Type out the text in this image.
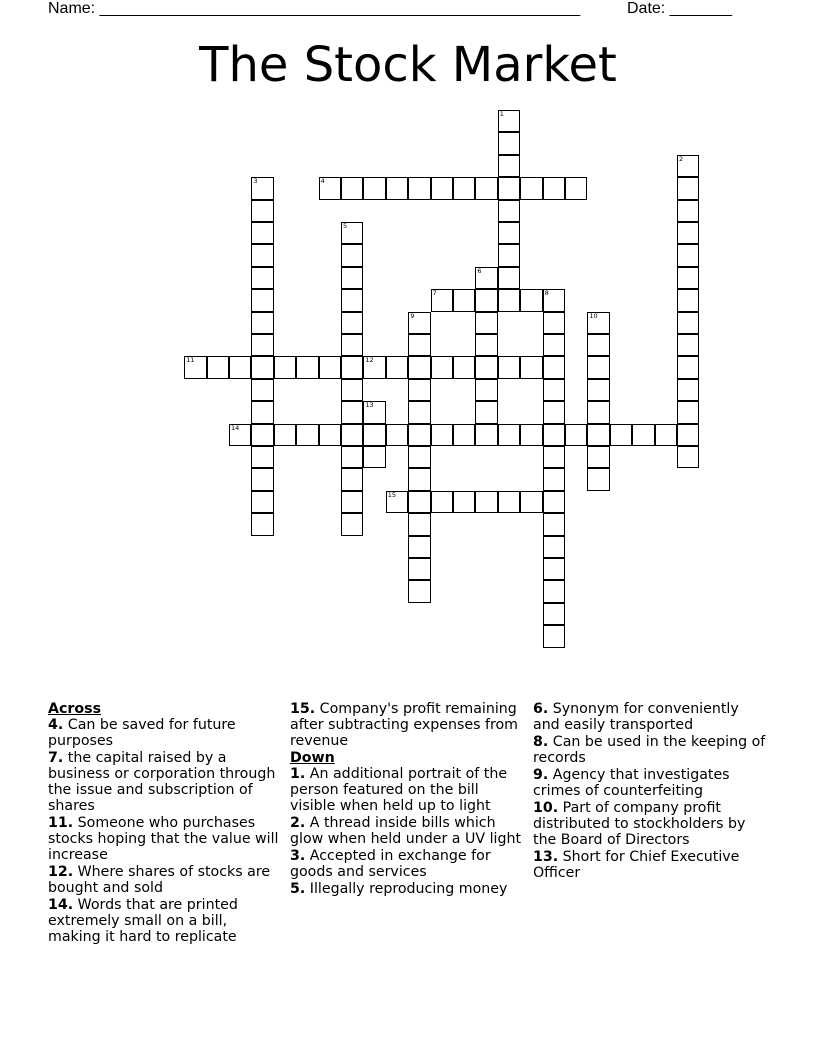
Name: ______________________________________________________	Date: _______
The Stock Market
1
2
3	4
5
6
7	8
9	10
11	12
13
14
15
Across
4. Can be saved for future purposes
7. the capital raised by a business or corporation through the issue and subscription of shares
11. Someone who purchases stocks hoping that the value will increase
12. Where shares of stocks are bought and sold
14. Words that are printed extremely small on a bill, making it hard to replicate
15. Company's profit remaining after subtracting expenses from revenue
Down
1. An additional portrait of the person featured on the bill visible when held up to light
2. A thread inside bills which glow when held under a UV light
3. Accepted in exchange for goods and services
5. Illegally reproducing money
6. Synonym for conveniently and easily transported
8. Can be used in the keeping of records
9. Agency that investigates crimes of counterfeiting
10. Part of company profit distributed to stockholders by the Board of Directors
13. Short for Chief Executive Officer
